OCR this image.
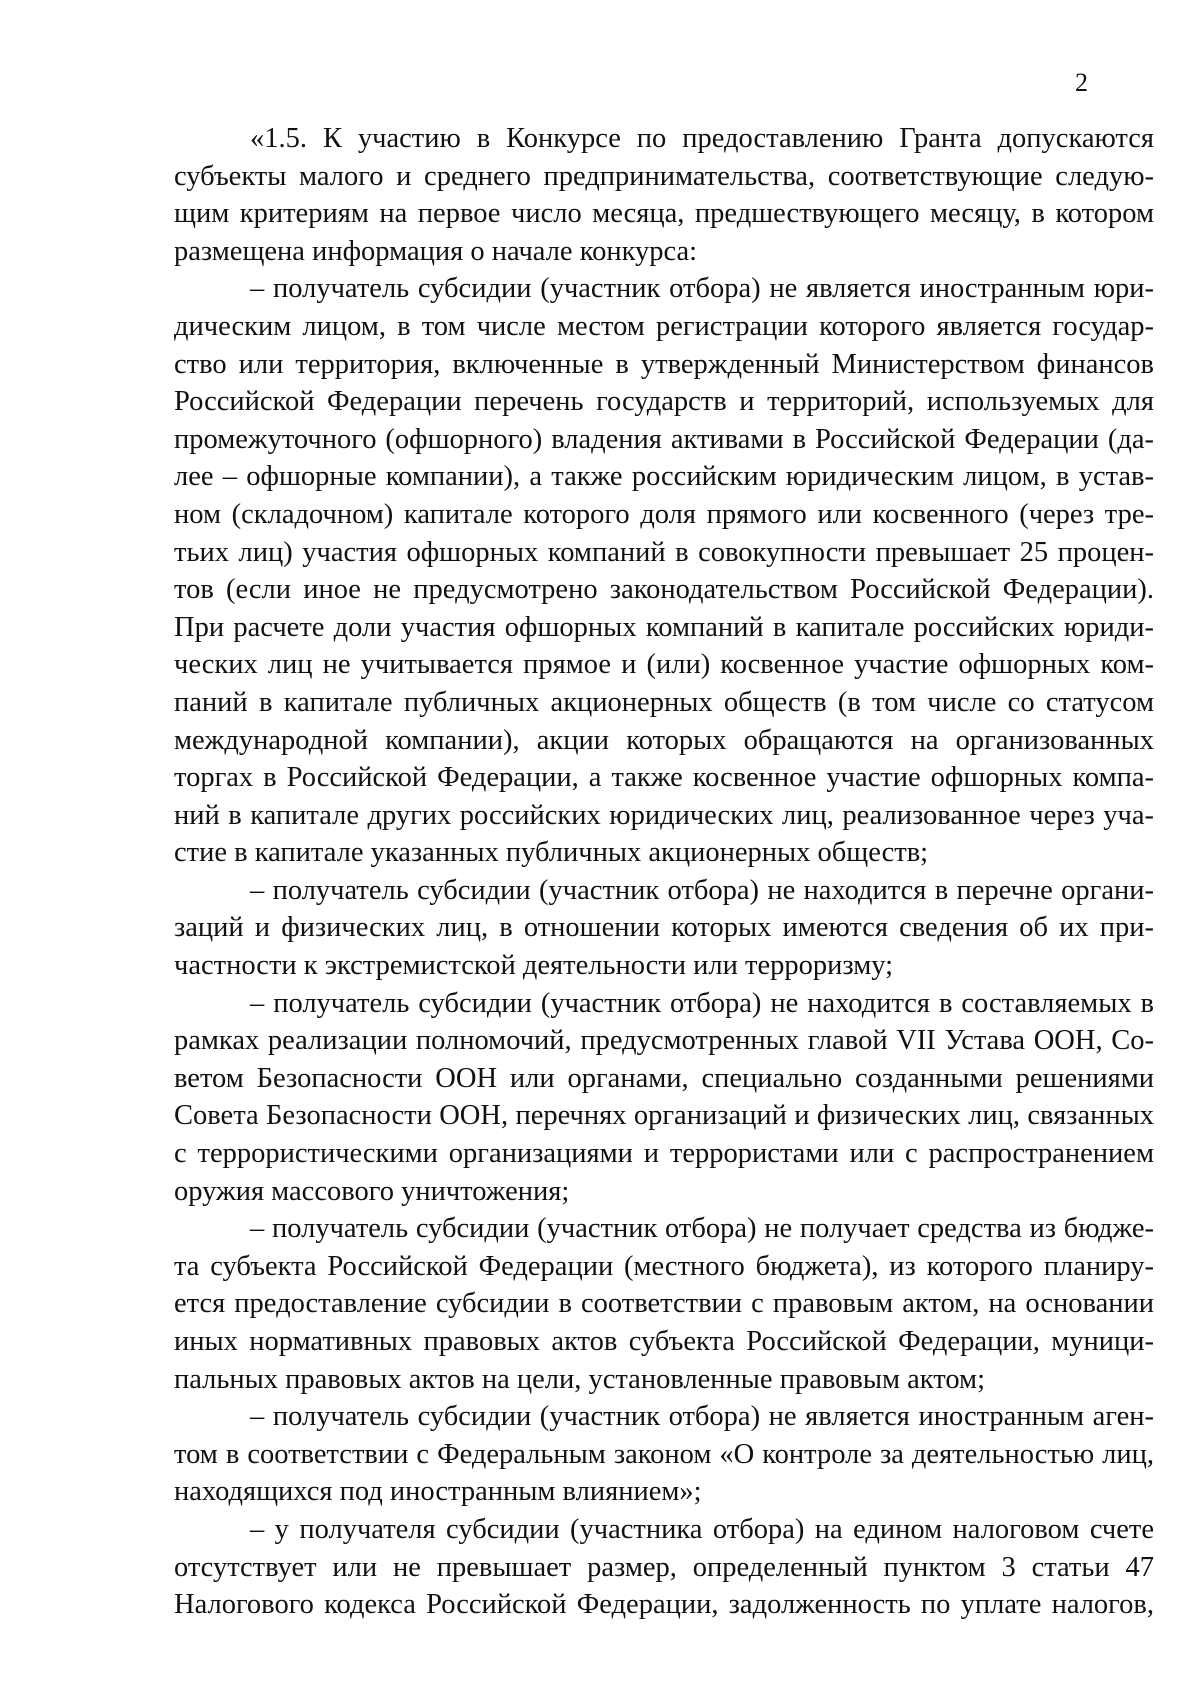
2
«1.5. К участию в Конкурсе по предоставлению Гранта допускаются
субъекты малого и среднего предпринимательства, соответствующие следую-
щим критериям на первое число месяца, предшествующего месяцу, в котором
размещена информация о начале конкурса:
– получатель субсидии (участник отбора) не является иностранным юри-
дическим лицом, в том числе местом регистрации которого является государ-
ство или территория, включенные в утвержденный Министерством финансов
Российской Федерации перечень государств и территорий, используемых для
промежуточного (офшорного) владения активами в Российской Федерации (да-
лее – офшорные компании), а также российским юридическим лицом, в устав-
ном (складочном) капитале которого доля прямого или косвенного (через тре-
тьих лиц) участия офшорных компаний в совокупности превышает 25 процен-
тов (если иное не предусмотрено законодательством Российской Федерации).
При расчете доли участия офшорных компаний в капитале российских юриди-
ческих лиц не учитывается прямое и (или) косвенное участие офшорных ком-
паний в капитале публичных акционерных обществ (в том числе со статусом
международной компании), акции которых обращаются на организованных
торгах в Российской Федерации, а также косвенное участие офшорных компа-
ний в капитале других российских юридических лиц, реализованное через уча-
стие в капитале указанных публичных акционерных обществ;
– получатель субсидии (участник отбора) не находится в перечне органи-
заций и физических лиц, в отношении которых имеются сведения об их при-
частности к экстремистской деятельности или терроризму;
– получатель субсидии (участник отбора) не находится в составляемых в
рамках реализации полномочий, предусмотренных главой VII Устава ООН, Со-
ветом Безопасности ООН или органами, специально созданными решениями
Совета Безопасности ООН, перечнях организаций и физических лиц, связанных
с террористическими организациями и террористами или с распространением
оружия массового уничтожения;
– получатель субсидии (участник отбора) не получает средства из бюдже-
та субъекта Российской Федерации (местного бюджета), из которого планиру-
ется предоставление субсидии в соответствии с правовым актом, на основании
иных нормативных правовых актов субъекта Российской Федерации, муници-
пальных правовых актов на цели, установленные правовым актом;
– получатель субсидии (участник отбора) не является иностранным аген-
том в соответствии с Федеральным законом «О контроле за деятельностью лиц,
находящихся под иностранным влиянием»;
– у получателя субсидии (участника отбора) на едином налоговом счете
отсутствует или не превышает размер, определенный пунктом 3 статьи 47
Налогового кодекса Российской Федерации, задолженность по уплате налогов,
